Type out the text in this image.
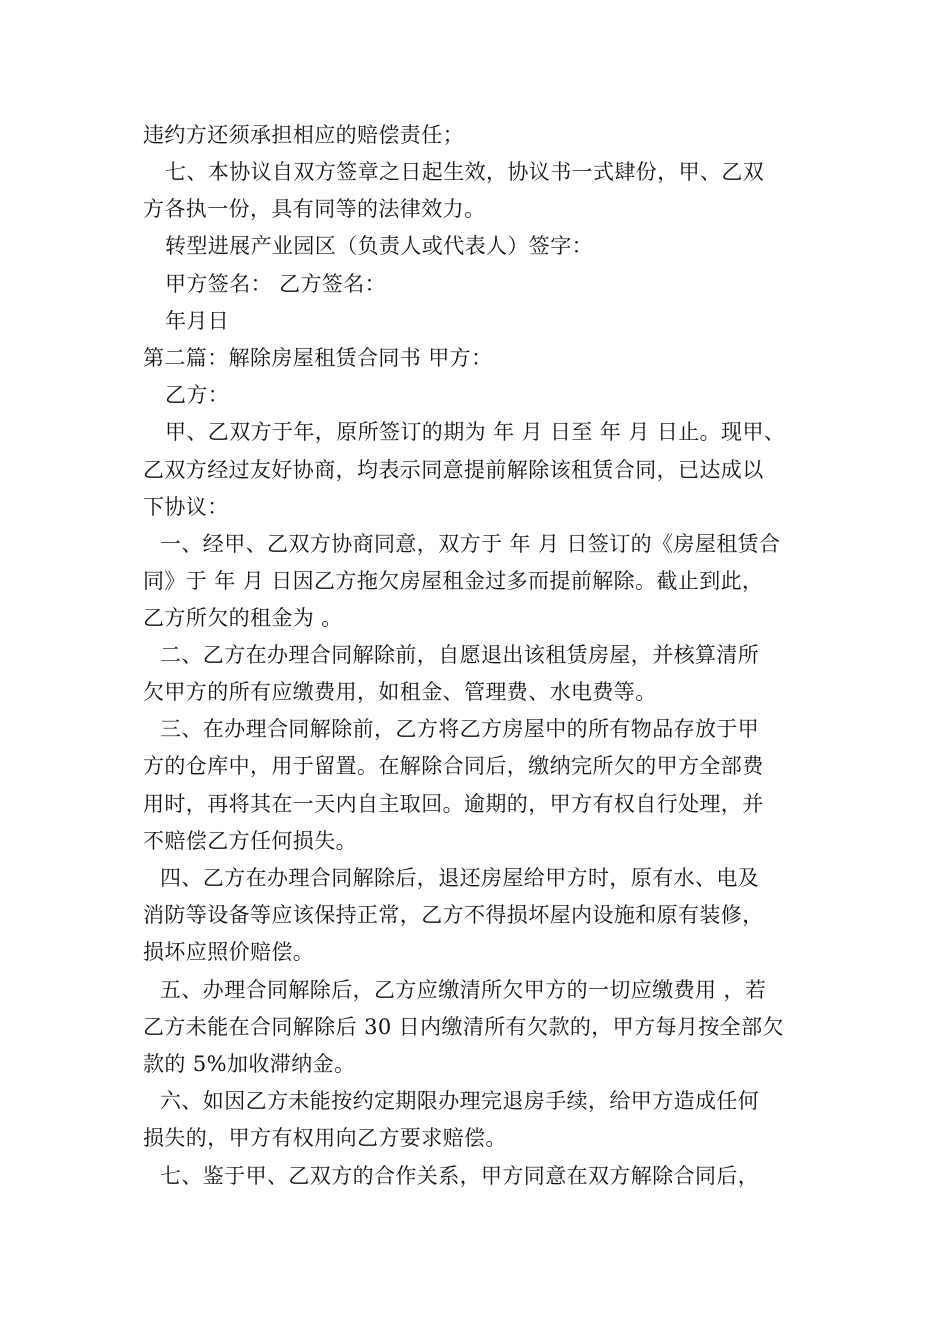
违约方还须承担相应的赔偿责任；
七、本协议自双方签章之日起生效，协议书一式肆份，甲、乙双
方各执一份，具有同等的法律效力。
转型进展产业园区（负责人或代表人）签字：
甲方签名： 乙方签名：
年月日
第二篇：解除房屋租赁合同书 甲方：
乙方：
甲、乙双方于年，原所签订的期为 年 月 日至 年 月 日止。现甲、
乙双方经过友好协商，均表示同意提前解除该租赁合同，已达成以
下协议：
一、经甲、乙双方协商同意，双方于 年 月 日签订的《房屋租赁合
同》于 年 月 日因乙方拖欠房屋租金过多而提前解除。截止到此，
乙方所欠的租金为 。
二、乙方在办理合同解除前，自愿退出该租赁房屋，并核算清所
欠甲方的所有应缴费用，如租金、管理费、水电费等。
三、在办理合同解除前，乙方将乙方房屋中的所有物品存放于甲
方的仓库中，用于留置。在解除合同后，缴纳完所欠的甲方全部费
用时，再将其在一天内自主取回。逾期的，甲方有权自行处理，并
不赔偿乙方任何损失。
四、乙方在办理合同解除后，退还房屋给甲方时，原有水、电及
消防等设备等应该保持正常，乙方不得损坏屋内设施和原有装修，
损坏应照价赔偿。
五、办理合同解除后，乙方应缴清所欠甲方的一切应缴费用 ，若
乙方未能在合同解除后 30 日内缴清所有欠款的，甲方每月按全部欠
款的 5%加收滞纳金。
六、如因乙方未能按约定期限办理完退房手续，给甲方造成任何
损失的，甲方有权用向乙方要求赔偿。
七、鉴于甲、乙双方的合作关系，甲方同意在双方解除合同后，
